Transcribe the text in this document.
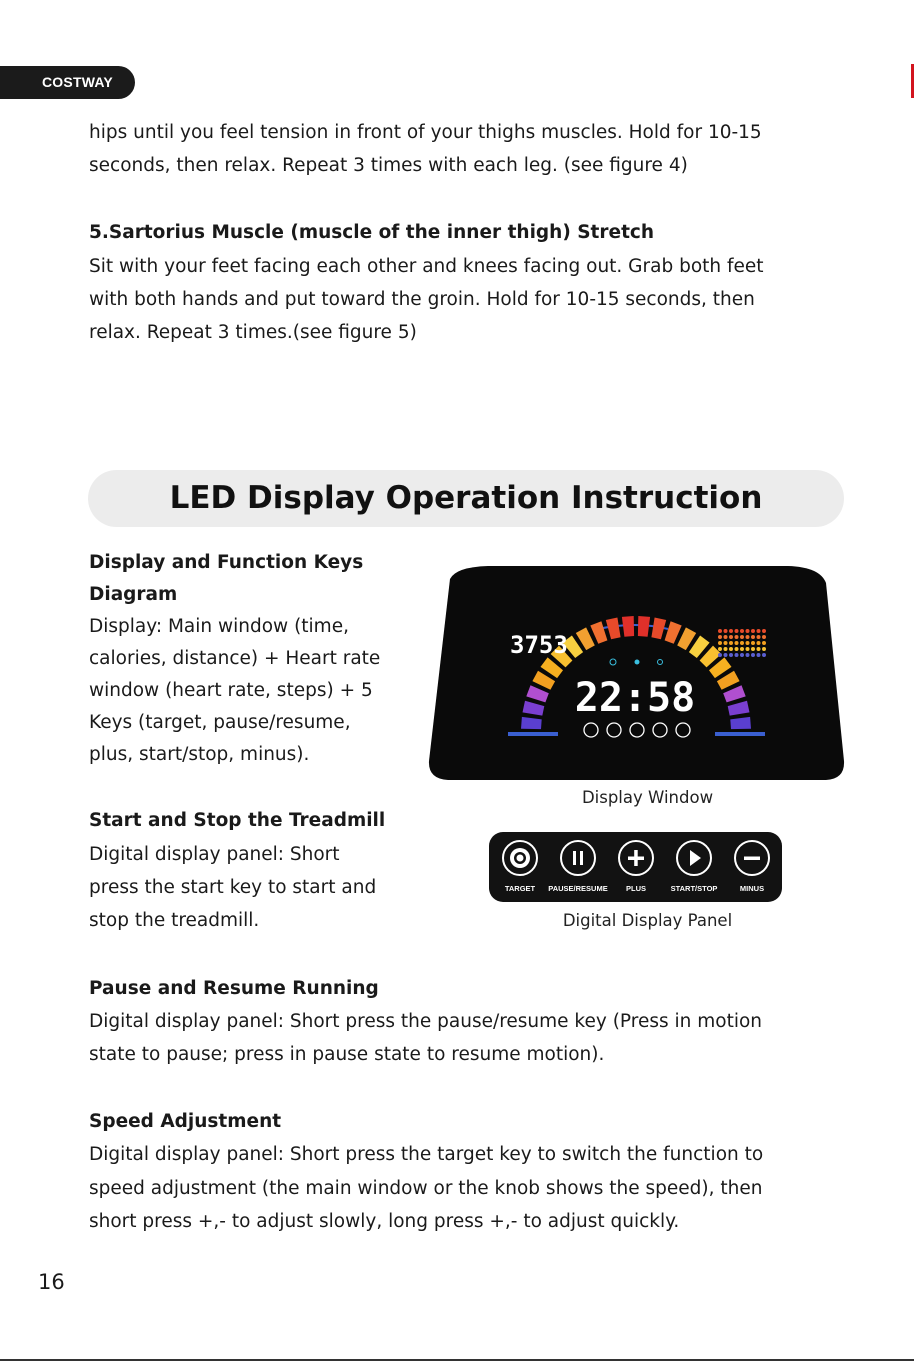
COSTWAY

hips until you feel tension in front of your thighs muscles. Hold for 10-15

seconds, then relax. Repeat 3 times with each leg. (see figure 4)

5.Sartorius Muscle (muscle of the inner thigh) Stretch

Sit with your feet facing each other and knees facing out. Grab both feet

with both hands and put toward the groin. Hold for 10-15 seconds, then

relax. Repeat 3 times.(see figure 5)

LED Display Operation Instruction

Display and Function Keys

Diagram

Display: Main window (time,

calories, distance) + Heart rate

window (heart rate, steps) + 5

Keys (target, pause/resume,

plus, start/stop, minus).

Start and Stop the Treadmill

Digital display panel: Short

press the start key to start and

stop the treadmill.

3753
22:58
Display Window
TARGET	PAUSE/RESUME	PLUS	START/STOP	MINUS
Digital Display Panel

Pause and Resume Running

Digital display panel: Short press the pause/resume key (Press in motion

state to pause; press in pause state to resume motion).

Speed Adjustment

Digital display panel: Short press the target key to switch the function to

speed adjustment (the main window or the knob shows the speed), then

short press +,- to adjust slowly, long press +,- to adjust quickly.

16
